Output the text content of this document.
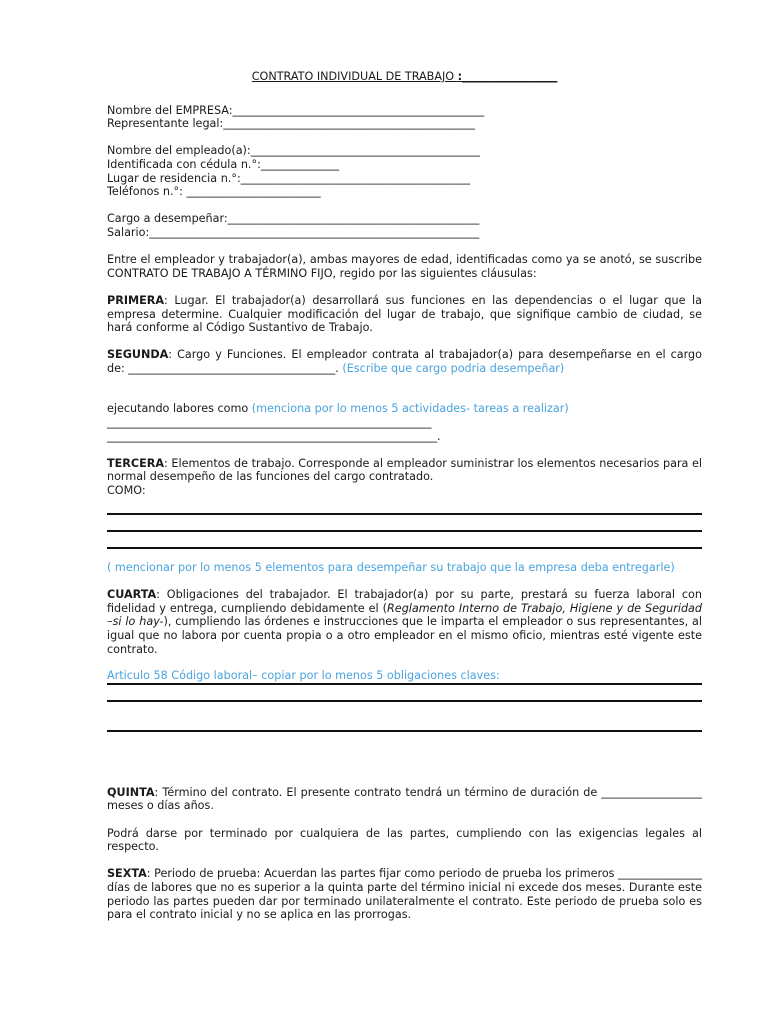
CONTRATO INDIVIDUAL DE TRABAJO :_________________

Nombre del EMPRESA:_____________________________________________

Representante legal:_____________________________________________

Nombre del empleado(a):_________________________________________

Identificada con cédula n.°:______________

Lugar de residencia n.°:_________________________________________

Teléfonos n.°: ________________________

Cargo a desempeñar:_____________________________________________

Salario:___________________________________________________________

Entre el empleador y trabajador(a), ambas mayores de edad, identificadas como ya se anotó, se suscribe CONTRATO DE TRABAJO A TÉRMINO FIJO, regido por las siguientes cláusulas:

PRIMERA: Lugar. El trabajador(a) desarrollará sus funciones en las dependencias o el lugar que la empresa determine. Cualquier modificación del lugar de trabajo, que signifique cambio de ciudad, se hará conforme al Código Sustantivo de Trabajo.

SEGUNDA: Cargo y Funciones. El empleador contrata al trabajador(a) para desempeñarse en el cargo de: _____________________________________. (Escribe que cargo podria desempeñar)

ejecutando labores como (menciona por lo menos 5 actividades- tareas a realizar)

__________________________________________________________

___________________________________________________________.

TERCERA: Elementos de trabajo. Corresponde al empleador suministrar los elementos necesarios para el normal desempeño de las funciones del cargo contratado.

COMO:

( mencionar por lo menos 5 elementos para desempeñar su trabajo que la empresa deba entregarle)

CUARTA: Obligaciones del trabajador. El trabajador(a) por su parte, prestará su fuerza laboral con fidelidad y entrega, cumpliendo debidamente el (Reglamento Interno de Trabajo, Higiene y de Seguridad –si lo hay-), cumpliendo las órdenes e instrucciones que le imparta el empleador o sus representantes, al igual que no labora por cuenta propia o a otro empleador en el mismo oficio, mientras esté vigente este contrato.

Articulo 58 Código laboral– copiar por lo menos 5 obligaciones claves:

QUINTA: Término del contrato. El presente contrato tendrá un término de duración de __________________ meses o días años.

Podrá darse por terminado por cualquiera de las partes, cumpliendo con las exigencias legales al respecto.

SEXTA: Periodo de prueba: Acuerdan las partes fijar como periodo de prueba los primeros _______________ días de labores que no es superior a la quinta parte del término inicial ni excede dos meses. Durante este periodo las partes pueden dar por terminado unilateralmente el contrato. Este periodo de prueba solo es para el contrato inicial y no se aplica en las prorrogas.
